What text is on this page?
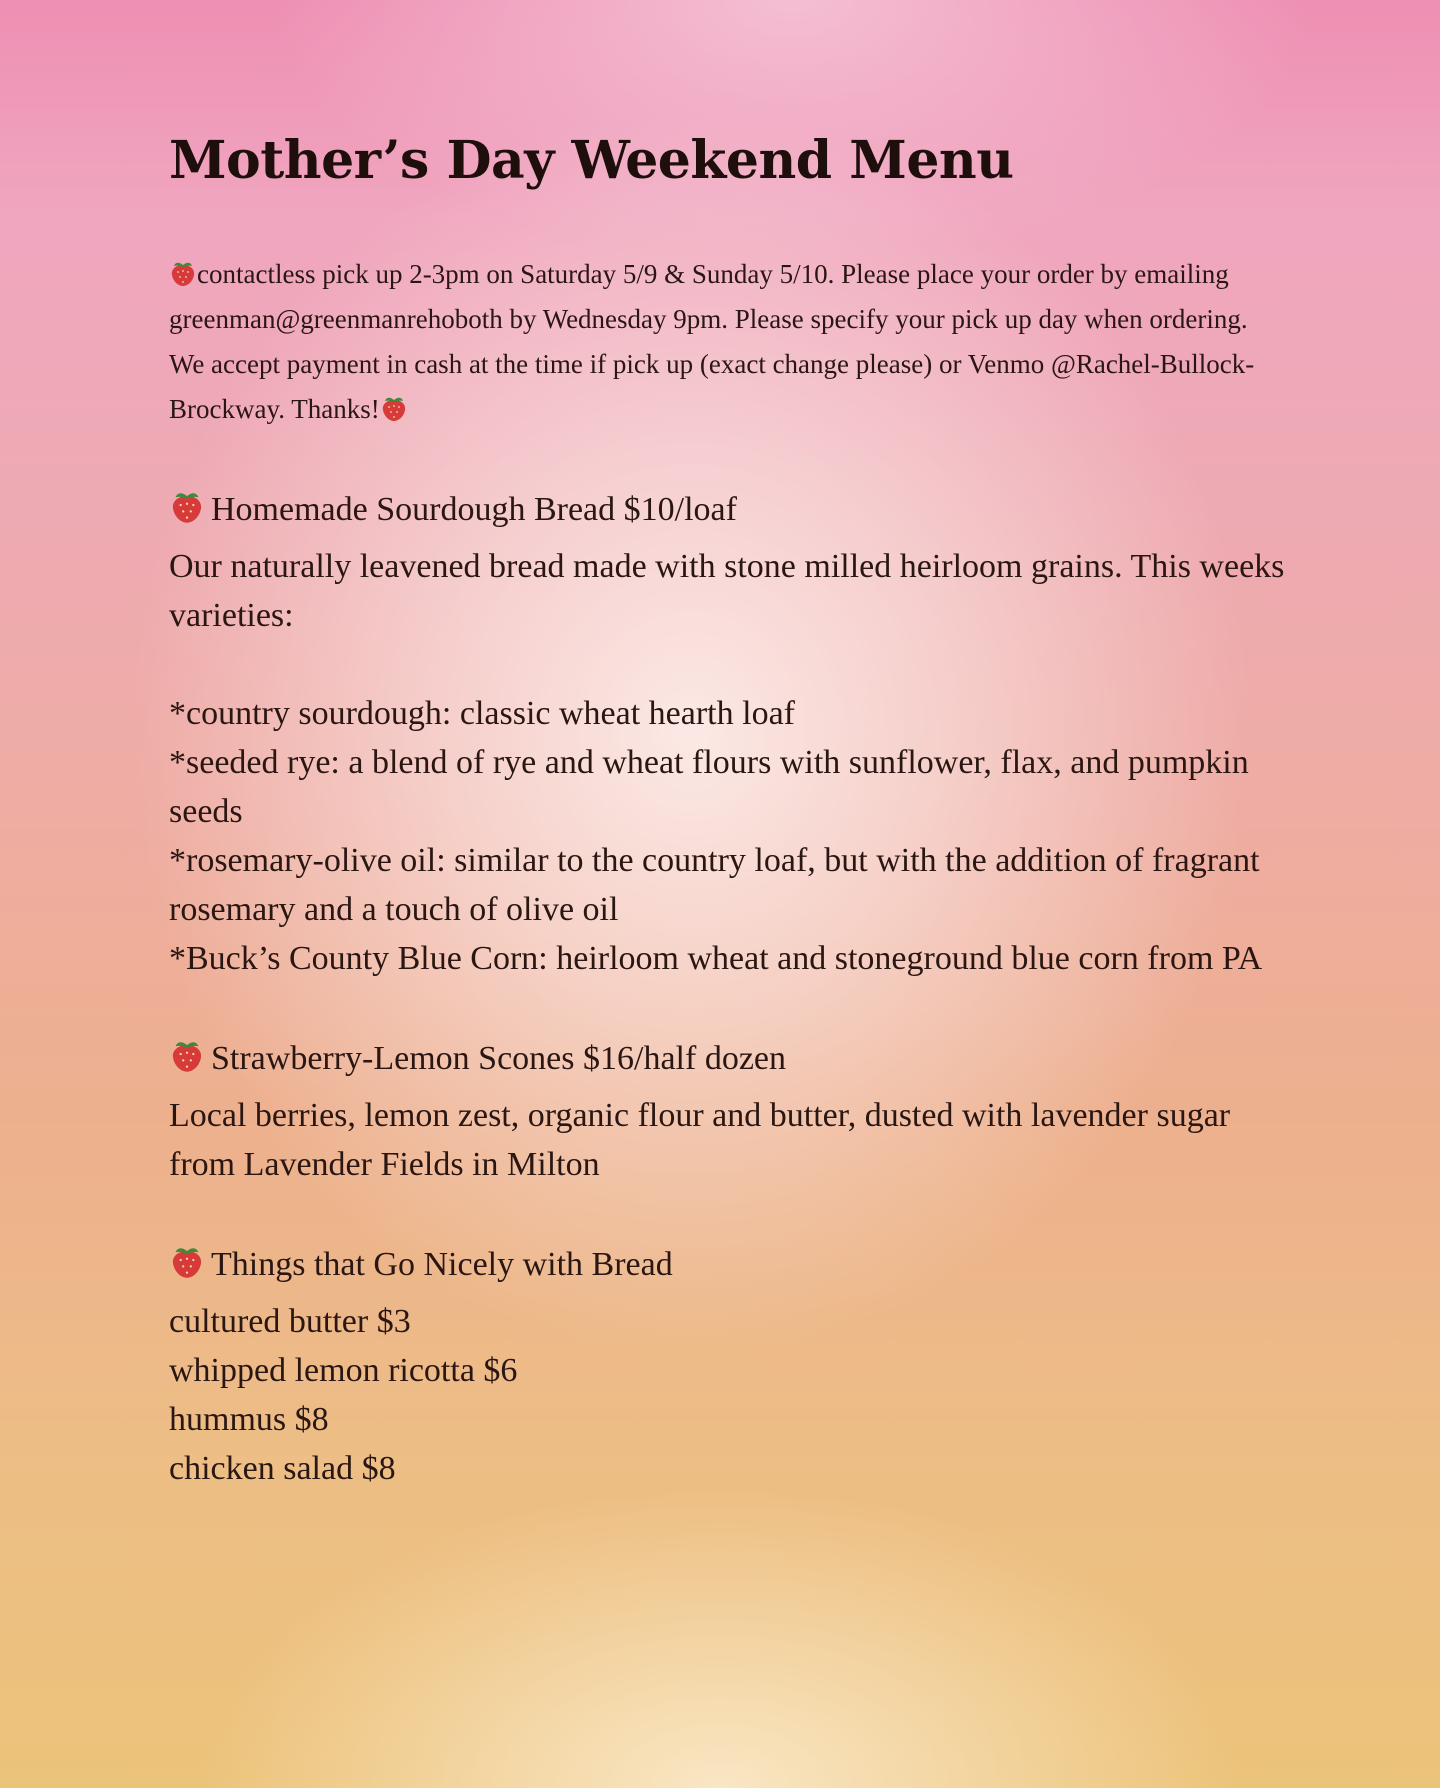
Mother’s Day Weekend Menu

contactless pick up 2-3pm on Saturday 5/9 & Sunday 5/10. Please place your order by emailing greenman@greenmanrehoboth by Wednesday 9pm. Please specify your pick up day when ordering. We accept payment in cash at the time if pick up (exact change please) or Venmo @Rachel-Bullock-Brockway. Thanks!

Homemade Sourdough Bread $10/loaf

Our naturally leavened bread made with stone milled heirloom grains. This weeks varieties:

*country sourdough: classic wheat hearth loaf
*seeded rye: a blend of rye and wheat flours with sunflower, flax, and pumpkin seeds
*rosemary-olive oil: similar to the country loaf, but with the addition of fragrant rosemary and a touch of olive oil
*Buck’s County Blue Corn: heirloom wheat and stoneground blue corn from PA

Strawberry-Lemon Scones $16/half dozen

Local berries, lemon zest, organic flour and butter, dusted with lavender sugar from Lavender Fields in Milton

Things that Go Nicely with Bread

cultured butter $3
whipped lemon ricotta $6
hummus $8
chicken salad $8
